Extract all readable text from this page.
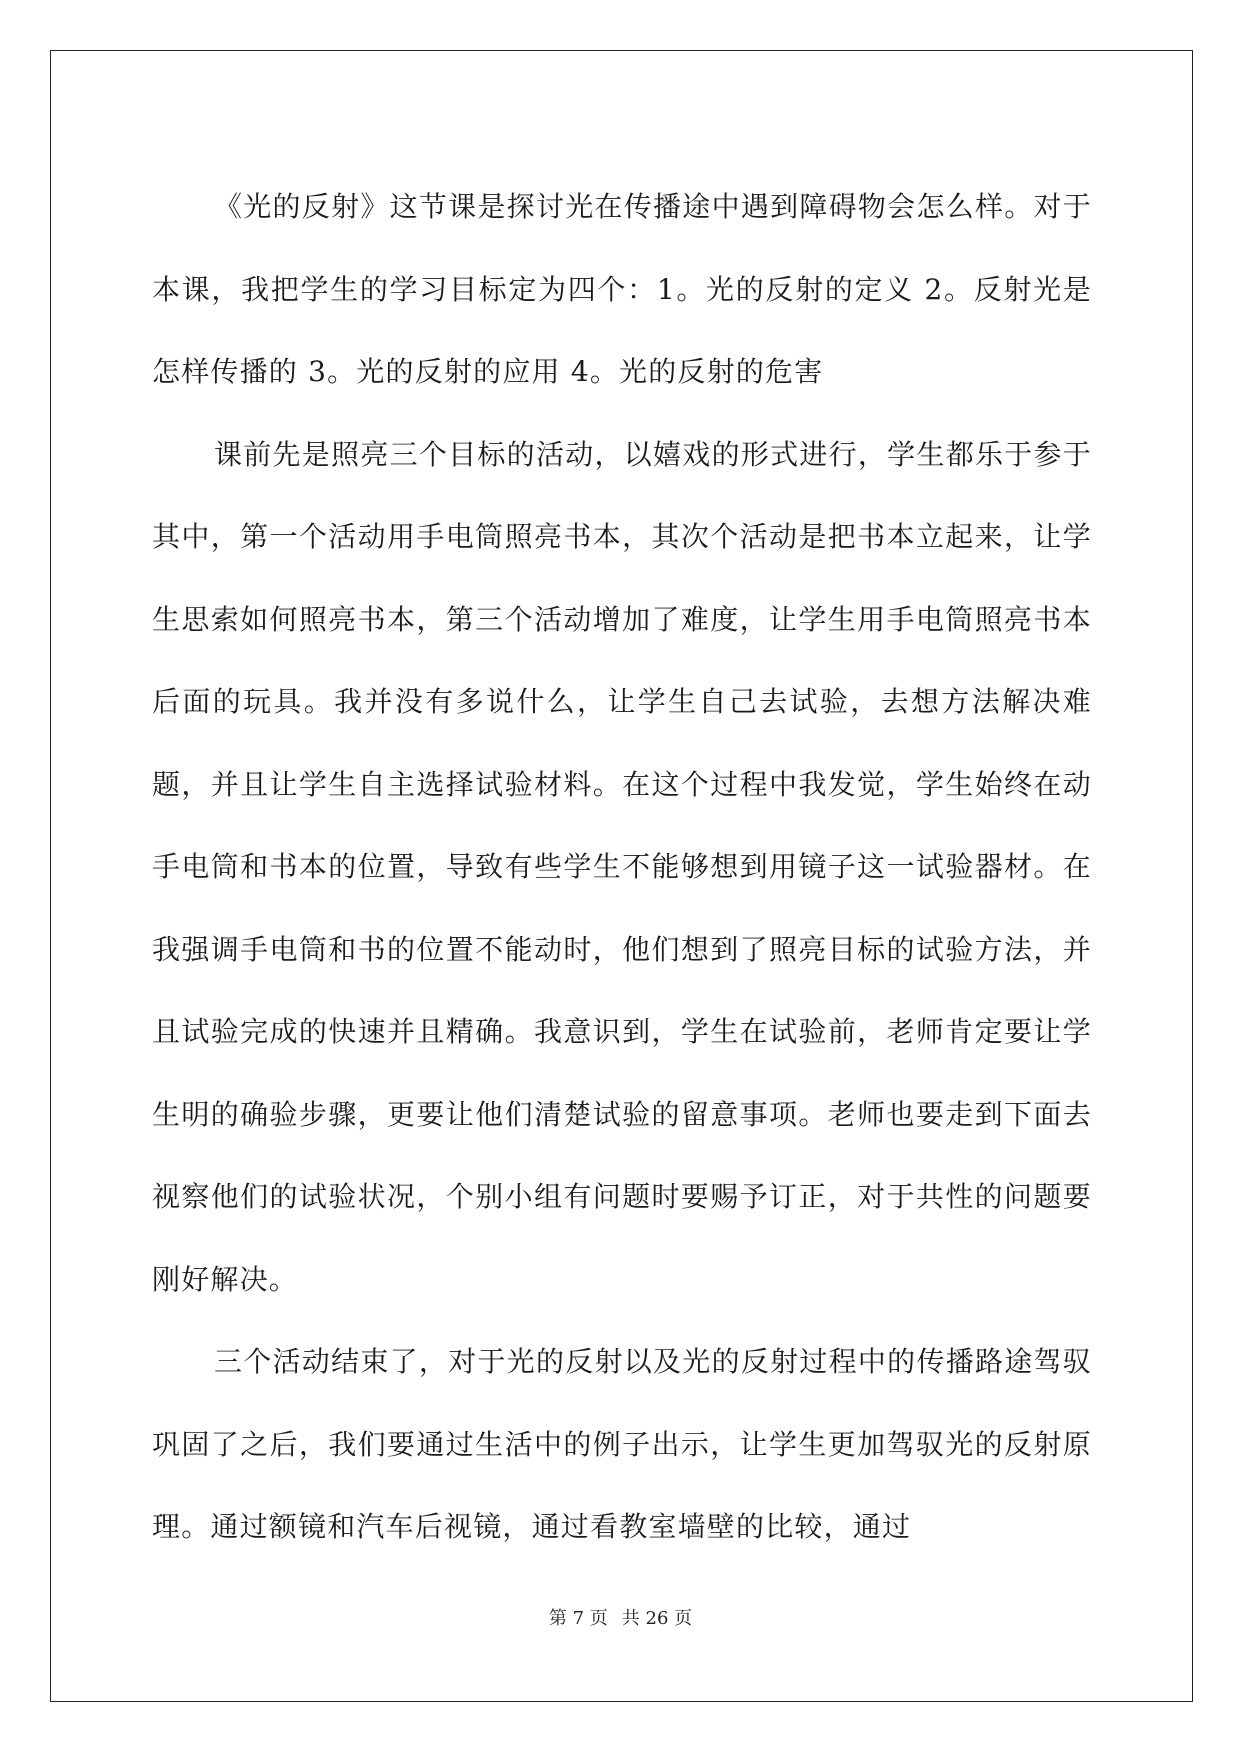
《光的反射》这节课是探讨光在传播途中遇到障碍物会怎么样。对于本课，我把学生的学习目标定为四个：1。光的反射的定义 2。反射光是怎样传播的 3。光的反射的应用 4。光的反射的危害

课前先是照亮三个目标的活动，以嬉戏的形式进行，学生都乐于参于其中，第一个活动用手电筒照亮书本，其次个活动是把书本立起来，让学生思索如何照亮书本，第三个活动增加了难度，让学生用手电筒照亮书本后面的玩具。我并没有多说什么，让学生自己去试验，去想方法解决难题，并且让学生自主选择试验材料。在这个过程中我发觉，学生始终在动手电筒和书本的位置，导致有些学生不能够想到用镜子这一试验器材。在我强调手电筒和书的位置不能动时，他们想到了照亮目标的试验方法，并且试验完成的快速并且精确。我意识到，学生在试验前，老师肯定要让学生明的确验步骤，更要让他们清楚试验的留意事项。老师也要走到下面去视察他们的试验状况，个别小组有问题时要赐予订正，对于共性的问题要刚好解决。

三个活动结束了，对于光的反射以及光的反射过程中的传播路途驾驭巩固了之后，我们要通过生活中的例子出示，让学生更加驾驭光的反射原理。通过额镜和汽车后视镜，通过看教室墙壁的比较，通过

第 7 页 共 26 页
